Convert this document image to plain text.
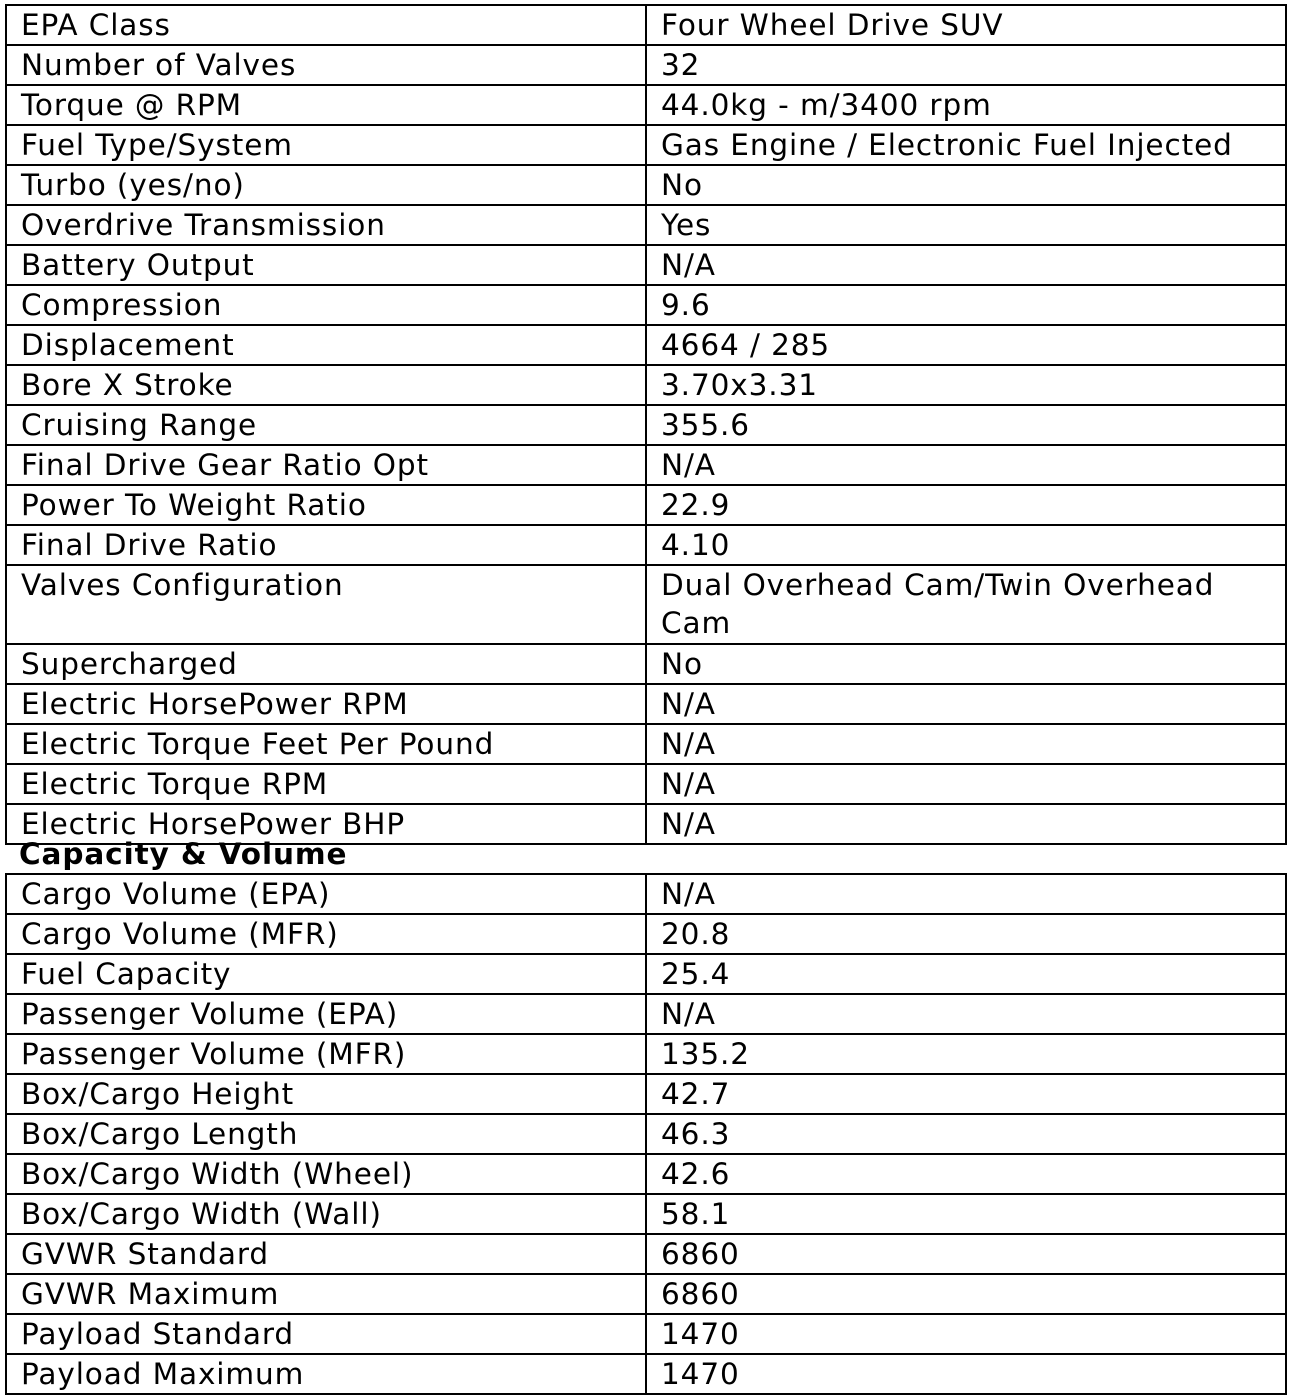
EPA Class	Four Wheel Drive SUV
Number of Valves	32
Torque @ RPM	44.0kg - m/3400 rpm
Fuel Type/System	Gas Engine / Electronic Fuel Injected
Turbo (yes/no)	No
Overdrive Transmission	Yes
Battery Output	N/A
Compression	9.6
Displacement	4664 / 285
Bore X Stroke	3.70x3.31
Cruising Range	355.6
Final Drive Gear Ratio Opt	N/A
Power To Weight Ratio	22.9
Final Drive Ratio	4.10
Valves Configuration	Dual Overhead Cam/Twin Overhead Cam
Supercharged	No
Electric HorsePower RPM	N/A
Electric Torque Feet Per Pound	N/A
Electric Torque RPM	N/A
Electric HorsePower BHP	N/A
Capacity & Volume
Cargo Volume (EPA)	N/A
Cargo Volume (MFR)	20.8
Fuel Capacity	25.4
Passenger Volume (EPA)	N/A
Passenger Volume (MFR)	135.2
Box/Cargo Height	42.7
Box/Cargo Length	46.3
Box/Cargo Width (Wheel)	42.6
Box/Cargo Width (Wall)	58.1
GVWR Standard	6860
GVWR Maximum	6860
Payload Standard	1470
Payload Maximum	1470
